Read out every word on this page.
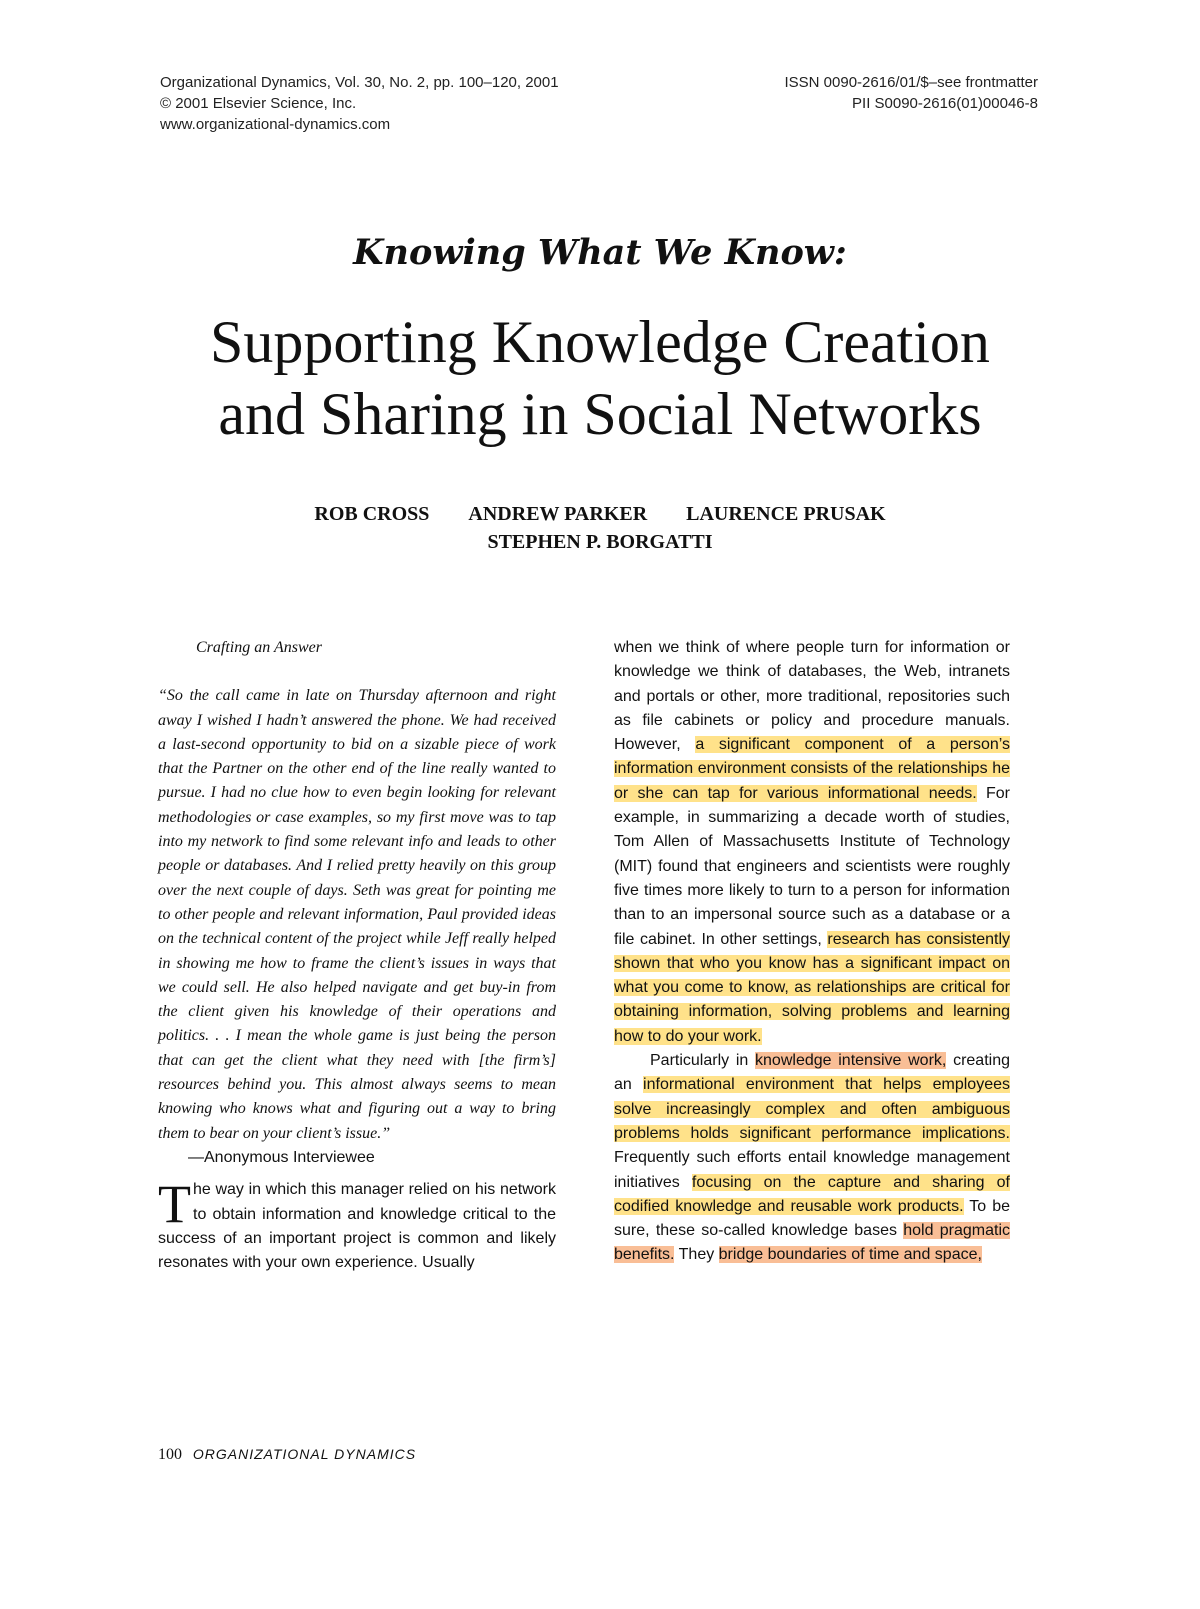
Organizational Dynamics, Vol. 30, No. 2, pp. 100–120, 2001
© 2001 Elsevier Science, Inc.
www.organizational-dynamics.com
ISSN 0090-2616/01/$–see frontmatter
PII S0090-2616(01)00046-8
Knowing What We Know:
Supporting Knowledge Creation
and Sharing in Social Networks
ROB CROSS ANDREW PARKER LAURENCE PRUSAK
STEPHEN P. BORGATTI

Crafting an Answer

“So the call came in late on Thursday afternoon and right away I wished I hadn’t answered the phone. We had received a last-second opportunity to bid on a sizable piece of work that the Partner on the other end of the line really wanted to pursue. I had no clue how to even begin looking for relevant methodologies or case examples, so my first move was to tap into my network to find some relevant info and leads to other people or databases. And I relied pretty heavily on this group over the next couple of days. Seth was great for pointing me to other people and relevant information, Paul provided ideas on the technical content of the project while Jeff really helped in showing me how to frame the client’s issues in ways that we could sell. He also helped navigate and get buy-in from the client given his knowledge of their operations and politics. . . I mean the whole game is just being the person that can get the client what they need with [the firm’s] resources behind you. This almost always seems to mean knowing who knows what and figuring out a way to bring them to bear on your client’s issue.”

—Anonymous Interviewee

The way in which this manager relied on his network to obtain information and knowledge critical to the success of an important project is common and likely resonates with your own experience. Usually

when we think of where people turn for information or knowledge we think of databases, the Web, intranets and portals or other, more traditional, repositories such as file cabinets or policy and procedure manuals. However, a significant component of a person’s information environment consists of the relationships he or she can tap for various informational needs. For example, in summarizing a decade worth of studies, Tom Allen of Massachusetts Institute of Technology (MIT) found that engineers and scientists were roughly five times more likely to turn to a person for information than to an impersonal source such as a database or a file cabinet. In other settings, research has consistently shown that who you know has a significant impact on what you come to know, as relationships are critical for obtaining information, solving problems and learning how to do your work.

Particularly in knowledge intensive work, creating an informational environment that helps employees solve increasingly complex and often ambiguous problems holds significant performance implications. Frequently such efforts entail knowledge management initiatives focusing on the capture and sharing of codified knowledge and reusable work products. To be sure, these so-called knowledge bases hold pragmatic benefits. They bridge boundaries of time and space,

100 ORGANIZATIONAL DYNAMICS
